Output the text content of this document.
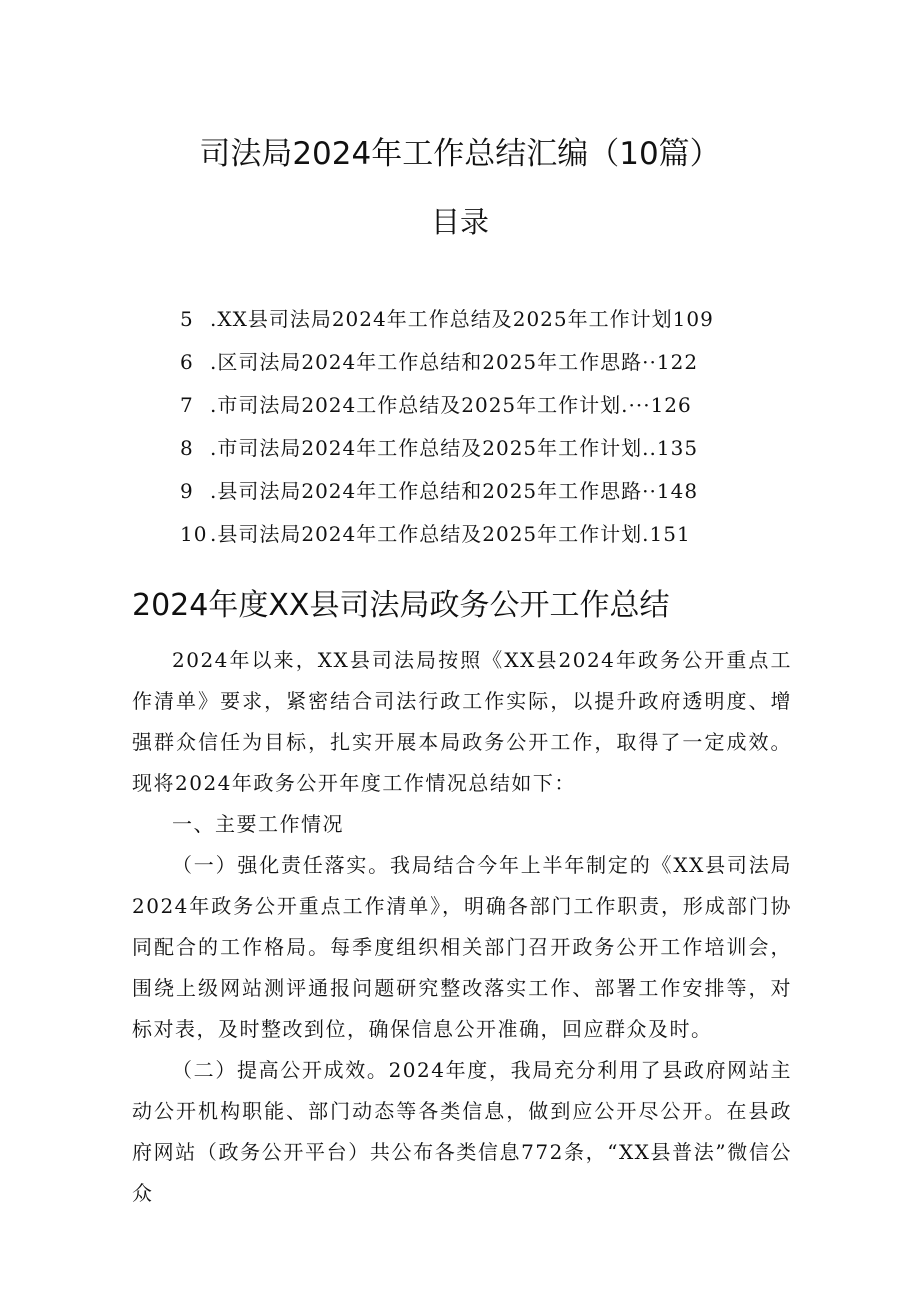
司法局2024年工作总结汇编（10篇）
目录
5 .XX县司法局2024年工作总结及2025年工作计划109
6 .区司法局2024年工作总结和2025年工作思路··122
7 .市司法局2024工作总结及2025年工作计划.···126
8 .市司法局2024年工作总结及2025年工作计划..135
9 .县司法局2024年工作总结和2025年工作思路··148
10 .县司法局2024年工作总结及2025年工作计划.151
2024年度XX县司法局政务公开工作总结

2024年以来，XX县司法局按照《XX县2024年政务公开重点工作清单》要求，紧密结合司法行政工作实际，以提升政府透明度、增强群众信任为目标，扎实开展本局政务公开工作，取得了一定成效。现将2024年政务公开年度工作情况总结如下：

一、主要工作情况

（一）强化责任落实。我局结合今年上半年制定的《XX县司法局2024年政务公开重点工作清单》，明确各部门工作职责，形成部门协同配合的工作格局。每季度组织相关部门召开政务公开工作培训会，围绕上级网站测评通报问题研究整改落实工作、部署工作安排等，对标对表，及时整改到位，确保信息公开准确，回应群众及时。

（二）提高公开成效。2024年度，我局充分利用了县政府网站主动公开机构职能、部门动态等各类信息，做到应公开尽公开。在县政府网站（政务公开平台）共公布各类信息772条，“XX县普法”微信公众
